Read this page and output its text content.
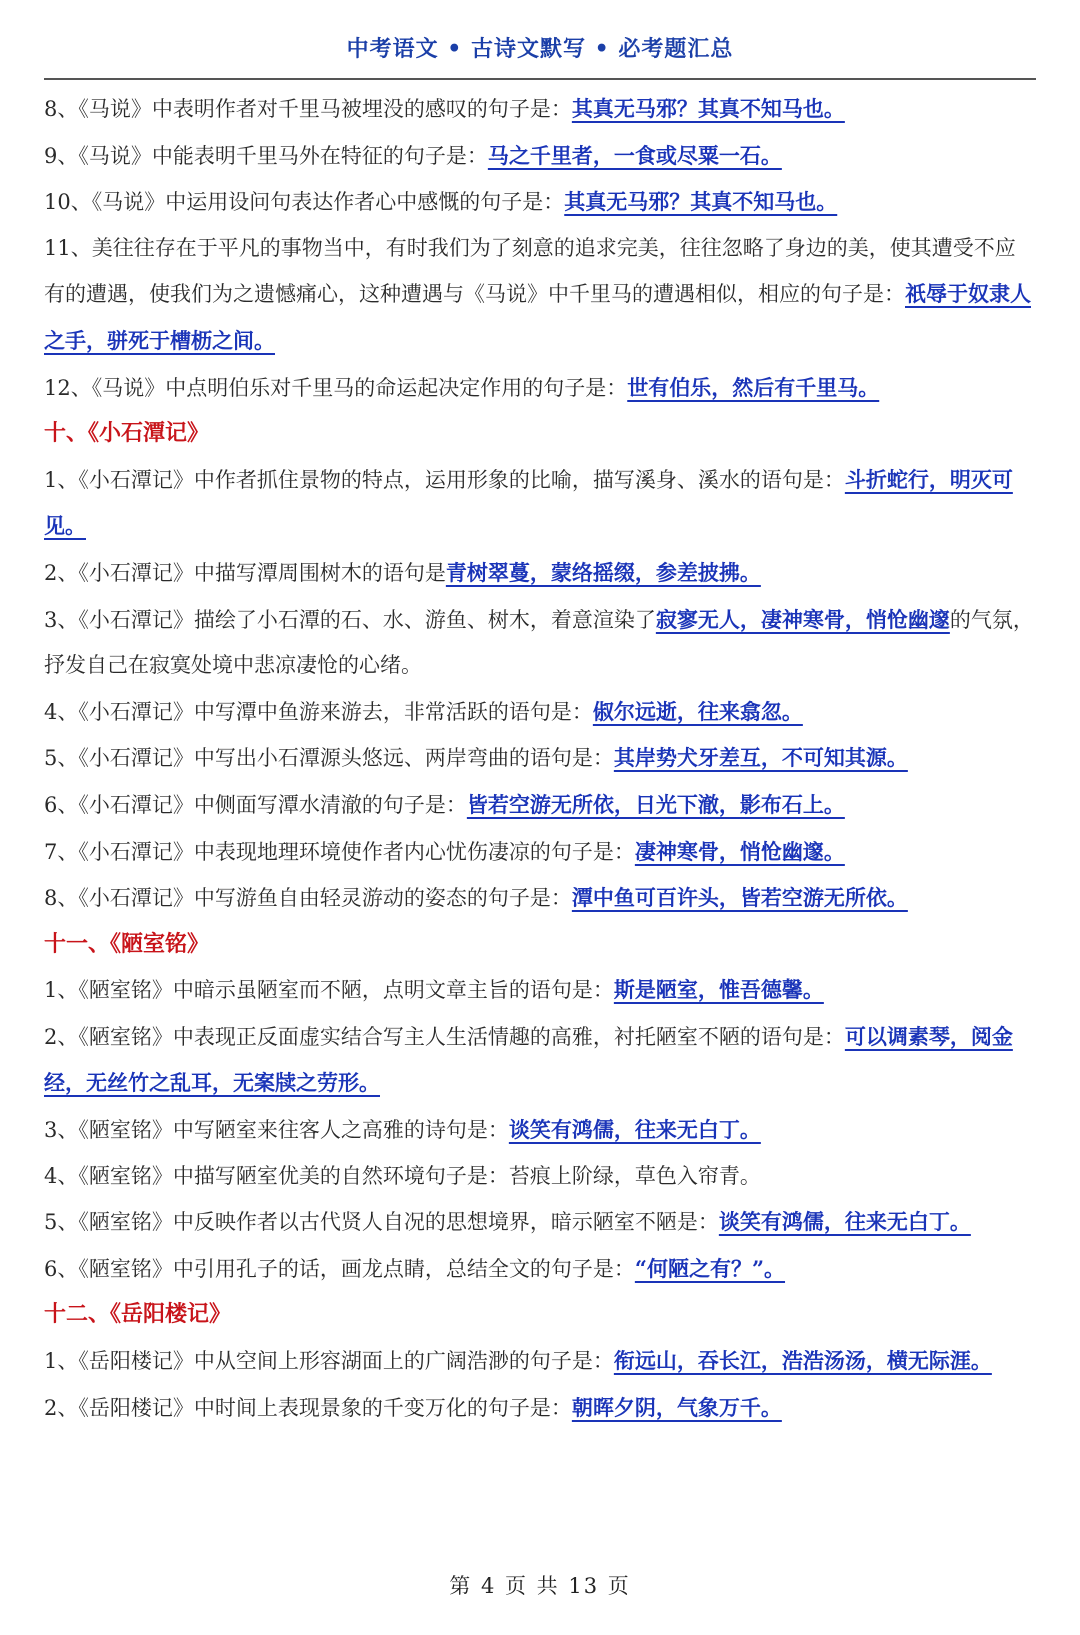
中考语文 • 古诗文默写 • 必考题汇总
8、《马说》中表明作者对千里马被埋没的感叹的句子是：其真无马邪？其真不知马也。
9、《马说》中能表明千里马外在特征的句子是：马之千里者，一食或尽粟一石。
10、《马说》中运用设问句表达作者心中感慨的句子是：其真无马邪？其真不知马也。
11、美往往存在于平凡的事物当中，有时我们为了刻意的追求完美，往往忽略了身边的美，使其遭受不应有的遭遇，使我们为之遗憾痛心，这种遭遇与《马说》中千里马的遭遇相似，相应的句子是：祇辱于奴隶人之手，骈死于槽枥之间。
12、《马说》中点明伯乐对千里马的命运起决定作用的句子是：世有伯乐，然后有千里马。
十、《小石潭记》
1、《小石潭记》中作者抓住景物的特点，运用形象的比喻，描写溪身、溪水的语句是：斗折蛇行，明灭可见。
2、《小石潭记》中描写潭周围树木的语句是青树翠蔓，蒙络摇缀，参差披拂。
3、《小石潭记》描绘了小石潭的石、水、游鱼、树木，着意渲染了寂寥无人，凄神寒骨，悄怆幽邃的气氛，抒发自己在寂寞处境中悲凉凄怆的心绪。
4、《小石潭记》中写潭中鱼游来游去，非常活跃的语句是：俶尔远逝，往来翕忽。
5、《小石潭记》中写出小石潭源头悠远、两岸弯曲的语句是：其岸势犬牙差互，不可知其源。
6、《小石潭记》中侧面写潭水清澈的句子是：皆若空游无所依，日光下澈，影布石上。
7、《小石潭记》中表现地理环境使作者内心忧伤凄凉的句子是：凄神寒骨，悄怆幽邃。
8、《小石潭记》中写游鱼自由轻灵游动的姿态的句子是：潭中鱼可百许头，皆若空游无所依。
十一、《陋室铭》
1、《陋室铭》中暗示虽陋室而不陋，点明文章主旨的语句是：斯是陋室，惟吾德馨。
2、《陋室铭》中表现正反面虚实结合写主人生活情趣的高雅，衬托陋室不陋的语句是：可以调素琴，阅金经，无丝竹之乱耳，无案牍之劳形。
3、《陋室铭》中写陋室来往客人之高雅的诗句是：谈笑有鸿儒，往来无白丁。
4、《陋室铭》中描写陋室优美的自然环境句子是：苔痕上阶绿，草色入帘青。
5、《陋室铭》中反映作者以古代贤人自况的思想境界，暗示陋室不陋是：谈笑有鸿儒，往来无白丁。
6、《陋室铭》中引用孔子的话，画龙点睛，总结全文的句子是：“何陋之有？”。
十二、《岳阳楼记》
1、《岳阳楼记》中从空间上形容湖面上的广阔浩渺的句子是：衔远山，吞长江，浩浩汤汤，横无际涯。
2、《岳阳楼记》中时间上表现景象的千变万化的句子是：朝晖夕阴，气象万千。
第 4 页 共 13 页
